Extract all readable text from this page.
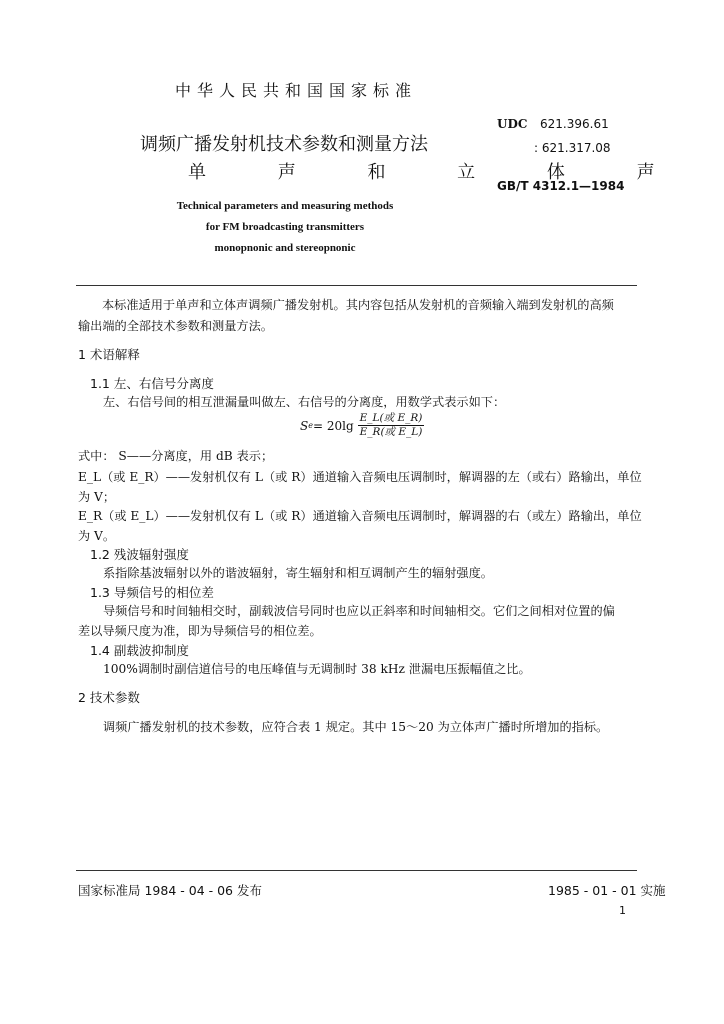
中华人民共和国国家标准
调频广播发射机技术参数和测量方法
单 声 和 立 体 声
Technical parameters and measuring methods
for FM broadcasting transmitters
monopnonic and stereopnonic
UDC 621.396.61
: 621.317.08
GB/T 4312.1—1984
本标准适用于单声和立体声调频广播发射机。其内容包括从发射机的音频输入端到发射机的高频
输出端的全部技术参数和测量方法。
1 术语解释
1.1 左、右信号分离度
左、右信号间的相互泄漏量叫做左、右信号的分离度，用数学式表示如下：
S $e = 20\lg \frac{\text{E\_L(或 E\_R)}}{\text{E\_R(或 E\_L)}}$
式中： S——分离度，用 dB 表示；
E_L（或 E_R）——发射机仅有 L（或 R）通道输入音频电压调制时，解调器的左（或右）路输出，单位
为 V；
E_R（或 E_L）——发射机仅有 L（或 R）通道输入音频电压调制时，解调器的右（或左）路输出，单位
为 V。
1.2 残波辐射强度
系指除基波辐射以外的谐波辐射，寄生辐射和相互调制产生的辐射强度。
1.3 导频信号的相位差
导频信号和时间轴相交时，副载波信号同时也应以正斜率和时间轴相交。它们之间相对位置的偏
差以导频尺度为准，即为导频信号的相位差。
1.4 副载波抑制度
100%调制时副信道信号的电压峰值与无调制时 38 kHz 泄漏电压振幅值之比。
2 技术参数
调频广播发射机的技术参数，应符合表 1 规定。其中 15～20 为立体声广播时所增加的指标。
国家标准局 1984 - 04 - 06 发布	1985 - 01 - 01 实施
1
